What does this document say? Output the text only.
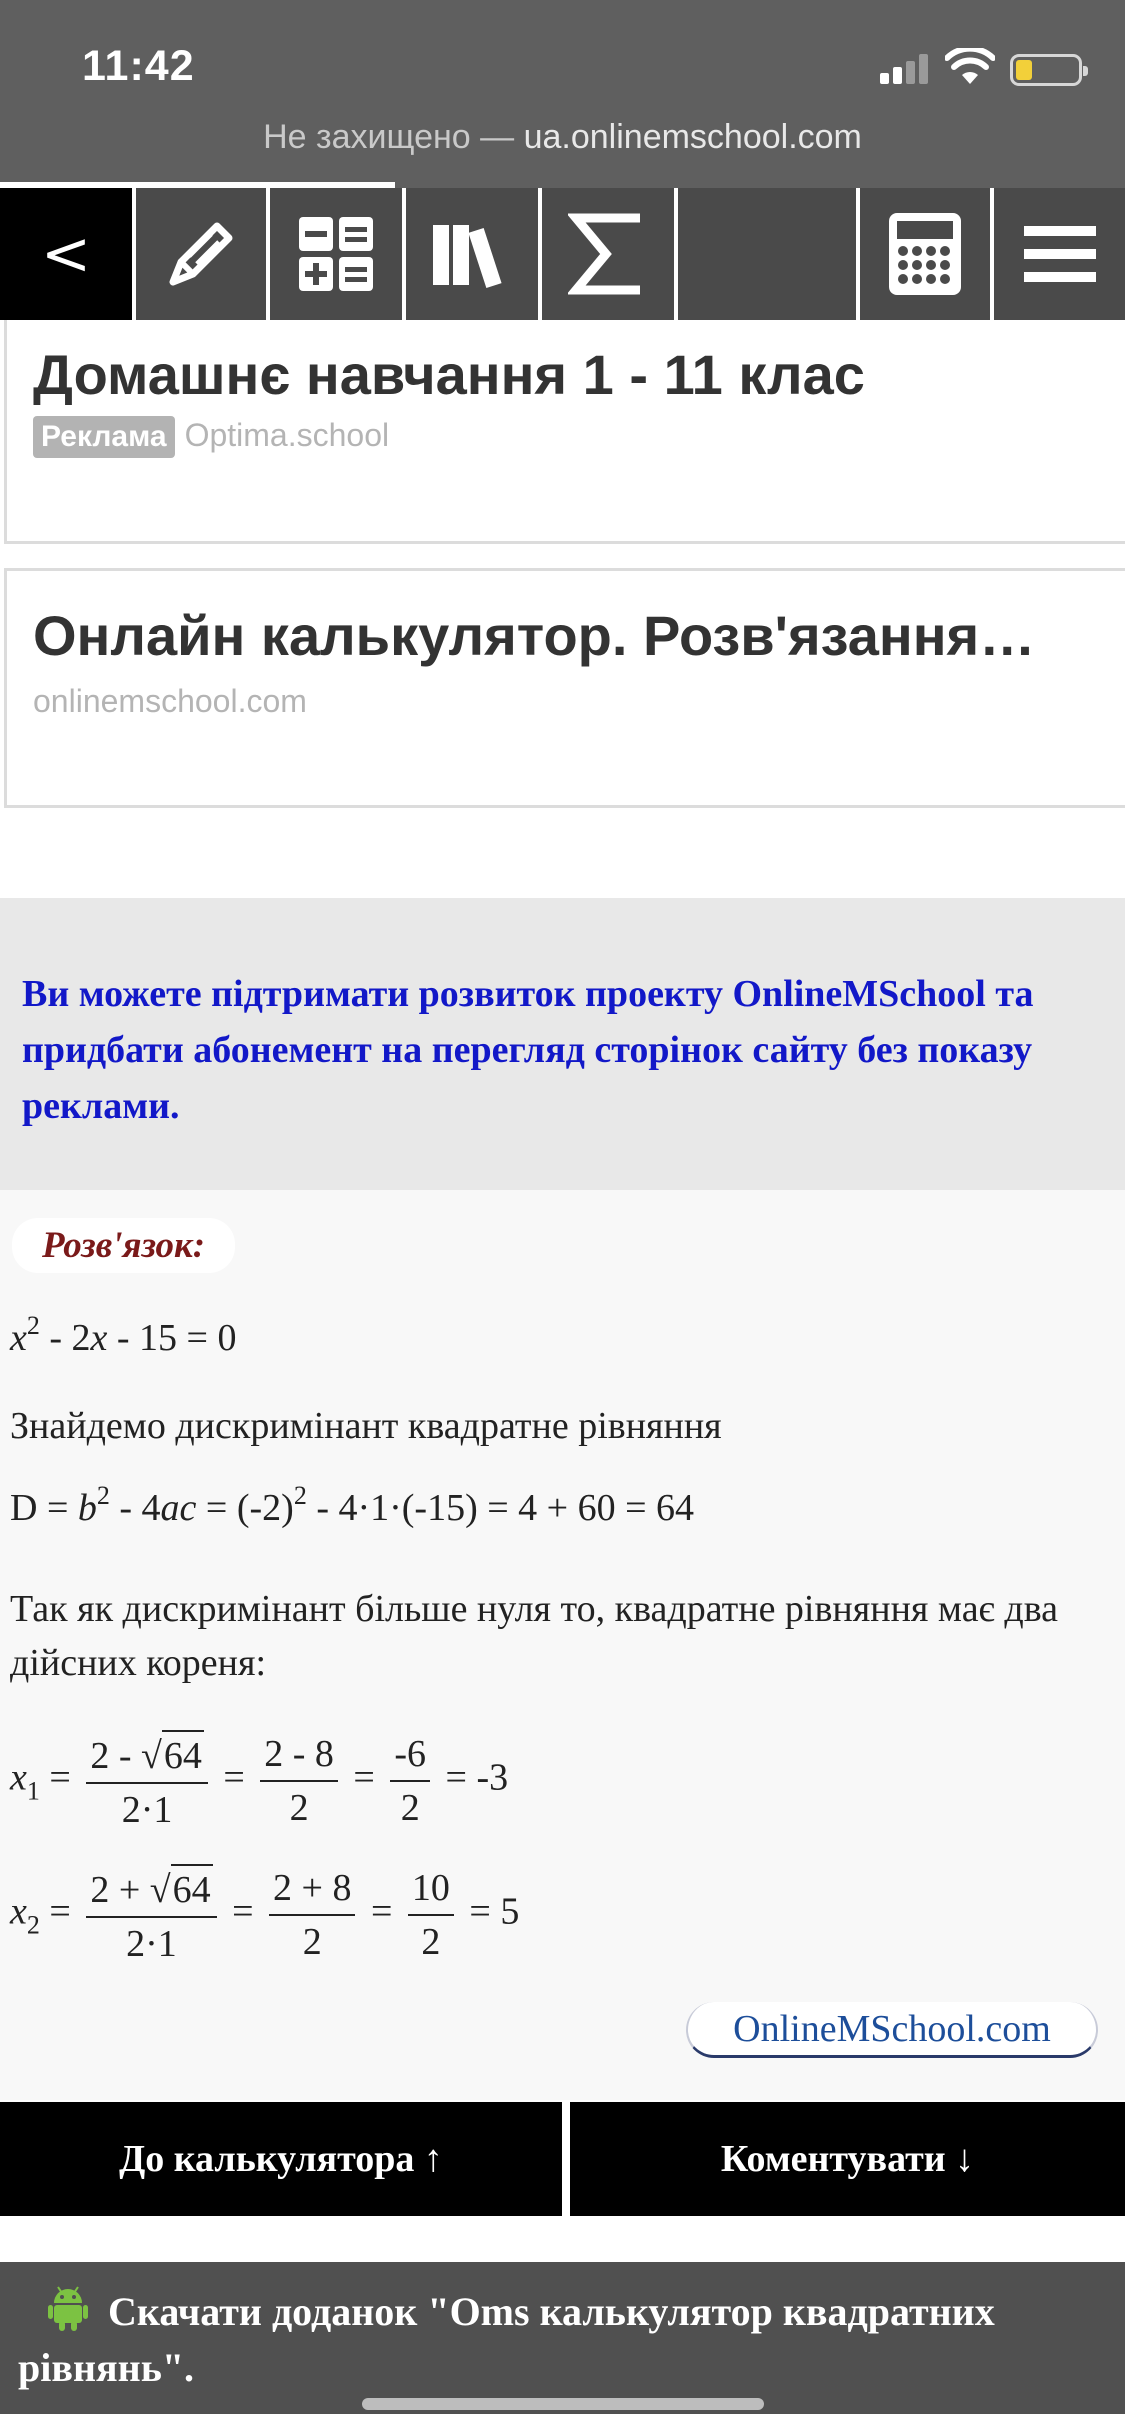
11:42
Не захищено — ua.onlinemschool.com
<
Домашнє навчання 1 - 11 клас
Реклама Optima.school
Онлайн калькулятор. Розв'язання…
onlinemschool.com

Ви можете підтримати розвиток проекту OnlineMSchool та придбати абонемент на перегляд сторінок сайту без показу реклами.

Розв'язок:
$x^2 - 2x - 15 = 0$
Знайдемо дискримінант квадратне рівняння
$D = b^2 - 4ac = (-2)^2 - 4\cdot 1\cdot(-15) = 4 + 60 = 64$
Так як дискримінант більше нуля то, квадратне рівняння має два дійсних кореня:
$x_1 = \frac{2 - √64}{2\cdot 1} = \frac{2 - 8}{2} = \frac{-6}{2} = -3$
$x_2 = \frac{2 + √64}{2\cdot 1} = \frac{2 + 8}{2} = \frac{10}{2} = 5$
OnlineMSchool.com
До калькулятора ↑	Коментувати ↓
Скачати доданок "Oms калькулятор квадратних рівнянь".
